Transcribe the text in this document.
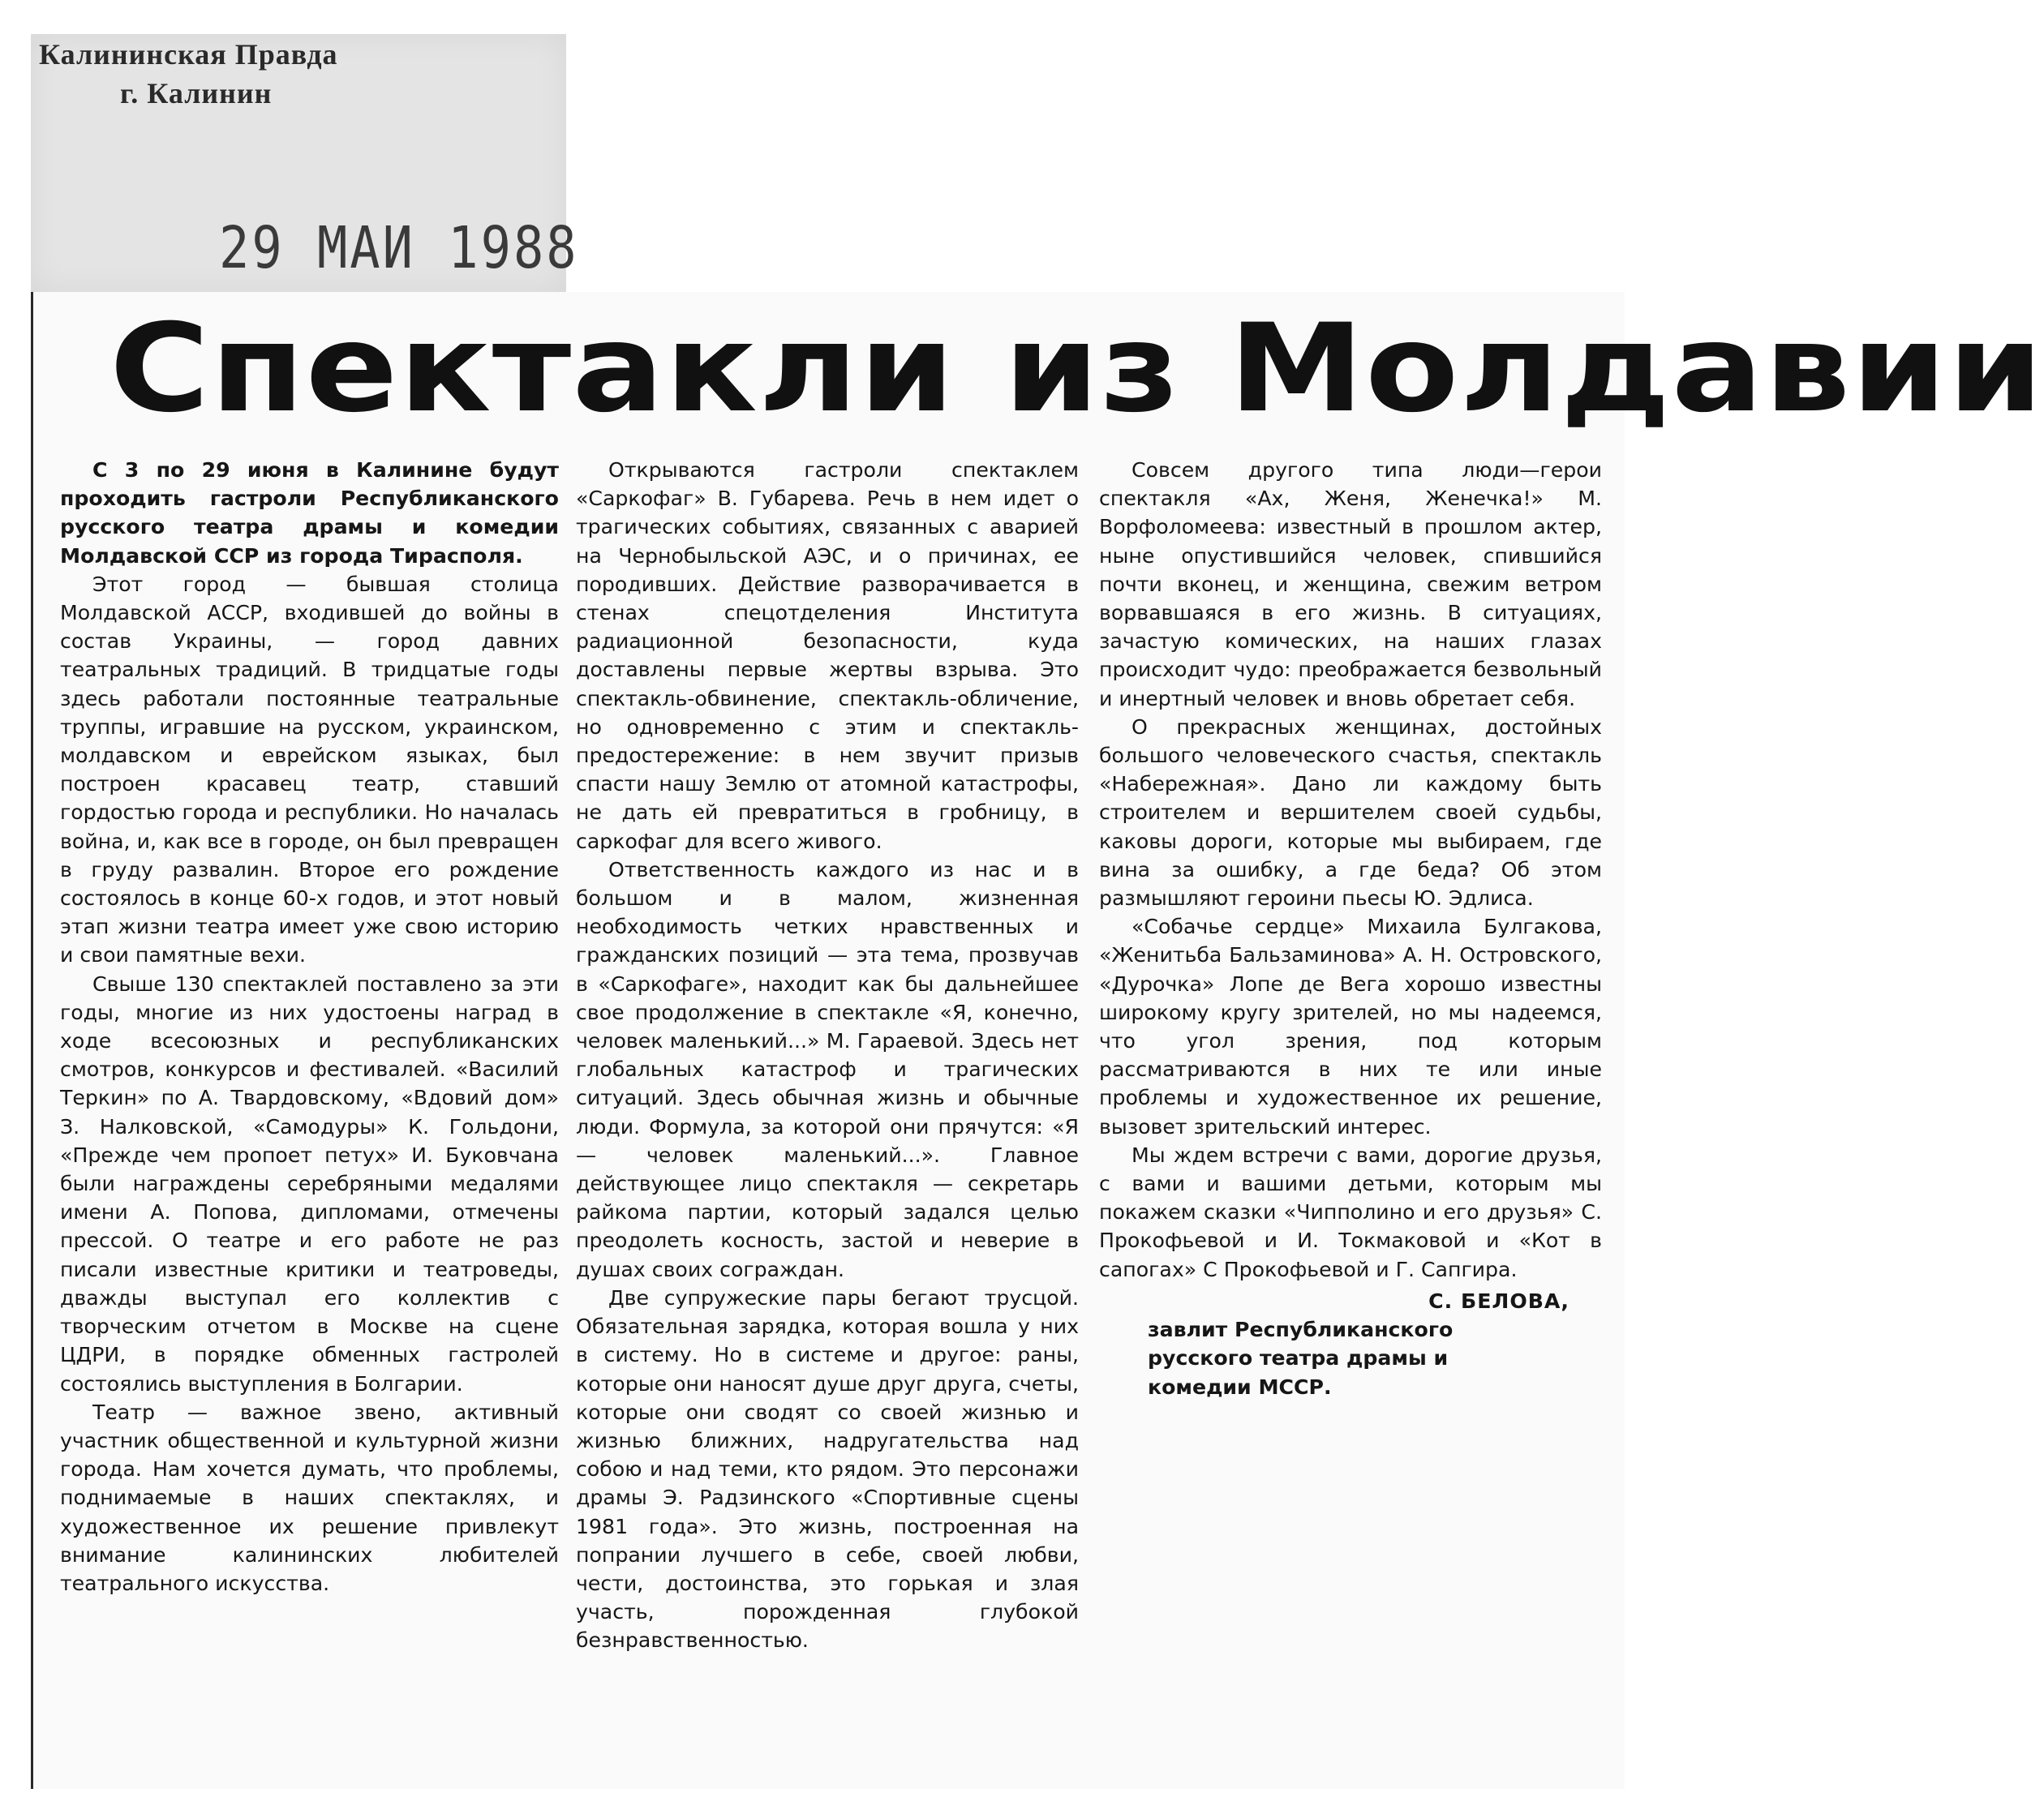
Калининская Правда
г. Калинин
29 МАИ 1988
Спектакли из Молдавии

С 3 по 29 июня в Калинине будут проходить гастроли Республиканского русского театра драмы и комедии Молдавской ССР из города Тирасполя.

Этот город — бывшая столица Молдавской АССР, входившей до войны в состав Украины, — город давних театральных традиций. В тридцатые годы здесь работали постоянные театральные труппы, игравшие на русском, украинском, молдавском и еврейском языках, был построен красавец театр, ставший гордостью города и республики. Но началась война, и, как все в городе, он был превращен в груду развалин. Второе его рождение состоялось в конце 60-х годов, и этот новый этап жизни театра имеет уже свою историю и свои памятные вехи.

Свыше 130 спектаклей поставлено за эти годы, многие из них удостоены наград в ходе всесоюзных и республиканских смотров, конкурсов и фестивалей. «Василий Теркин» по А. Твардовскому, «Вдовий дом» З. Налковской, «Самодуры» К. Гольдони, «Прежде чем пропоет петух» И. Буковчана были награждены серебряными медалями имени А. Попова, дипломами, отмечены прессой. О театре и его работе не раз писали известные критики и театроведы, дважды выступал его коллектив с творческим отчетом в Москве на сцене ЦДРИ, в порядке обменных гастролей состоялись выступления в Болгарии.

Театр — важное звено, активный участник общественной и культурной жизни города. Нам хочется думать, что проблемы, поднимаемые в наших спектаклях, и художественное их решение привлекут внимание калининских любителей театрального искусства.

Открываются гастроли спектаклем «Саркофаг» В. Губарева. Речь в нем идет о трагических событиях, связанных с аварией на Чернобыльской АЭС, и о причинах, ее породивших. Действие разворачивается в стенах спецотделения Института радиационной безопасности, куда доставлены первые жертвы взрыва. Это спектакль-обвинение, спектакль-обличение, но одновременно с этим и спектакль-предостережение: в нем звучит призыв спасти нашу Землю от атомной катастрофы, не дать ей превратиться в гробницу, в саркофаг для всего живого.

Ответственность каждого из нас и в большом и в малом, жизненная необходимость четких нравственных и гражданских позиций — эта тема, прозвучав в «Саркофаге», находит как бы дальнейшее свое продолжение в спектакле «Я, конечно, человек маленький...» М. Гараевой. Здесь нет глобальных катастроф и трагических ситуаций. Здесь обычная жизнь и обычные люди. Формула, за которой они прячутся: «Я — человек маленький...». Главное действующее лицо спектакля — секретарь райкома партии, который задался целью преодолеть косность, застой и неверие в душах своих сограждан.

Две супружеские пары бегают трусцой. Обязательная зарядка, которая вошла у них в систему. Но в системе и другое: раны, которые они наносят душе друг друга, счеты, которые они сводят со своей жизнью и жизнью ближних, надругательства над собою и над теми, кто рядом. Это персонажи драмы Э. Радзинского «Спортивные сцены 1981 года». Это жизнь, построенная на попрании лучшего в себе, своей любви, чести, достоинства, это горькая и злая участь, порожденная глубокой безнравственностью.

Совсем другого типа люди—герои спектакля «Ах, Женя, Женечка!» М. Ворфоломеева: известный в прошлом актер, ныне опустившийся человек, спившийся почти вконец, и женщина, свежим ветром ворвавшаяся в его жизнь. В ситуациях, зачастую комических, на наших глазах происходит чудо: преображается безвольный и инертный человек и вновь обретает себя.

О прекрасных женщинах, достойных большого человеческого счастья, спектакль «Набережная». Дано ли каждому быть строителем и вершителем своей судьбы, каковы дороги, которые мы выбираем, где вина за ошибку, а где беда? Об этом размышляют героини пьесы Ю. Эдлиса.

«Собачье сердце» Михаила Булгакова, «Женитьба Бальзаминова» А. Н. Островского, «Дурочка» Лопе де Вега хорошо известны широкому кругу зрителей, но мы надеемся, что угол зрения, под которым рассматриваются в них те или иные проблемы и художественное их решение, вызовет зрительский интерес.

Мы ждем встречи с вами, дорогие друзья, с вами и вашими детьми, которым мы покажем сказки «Чипполино и его друзья» С. Прокофьевой и И. Токмаковой и «Кот в сапогах» С Прокофьевой и Г. Сапгира.

С. БЕЛОВА,
завлит Республиканского русского театра драмы и комедии МССР.
